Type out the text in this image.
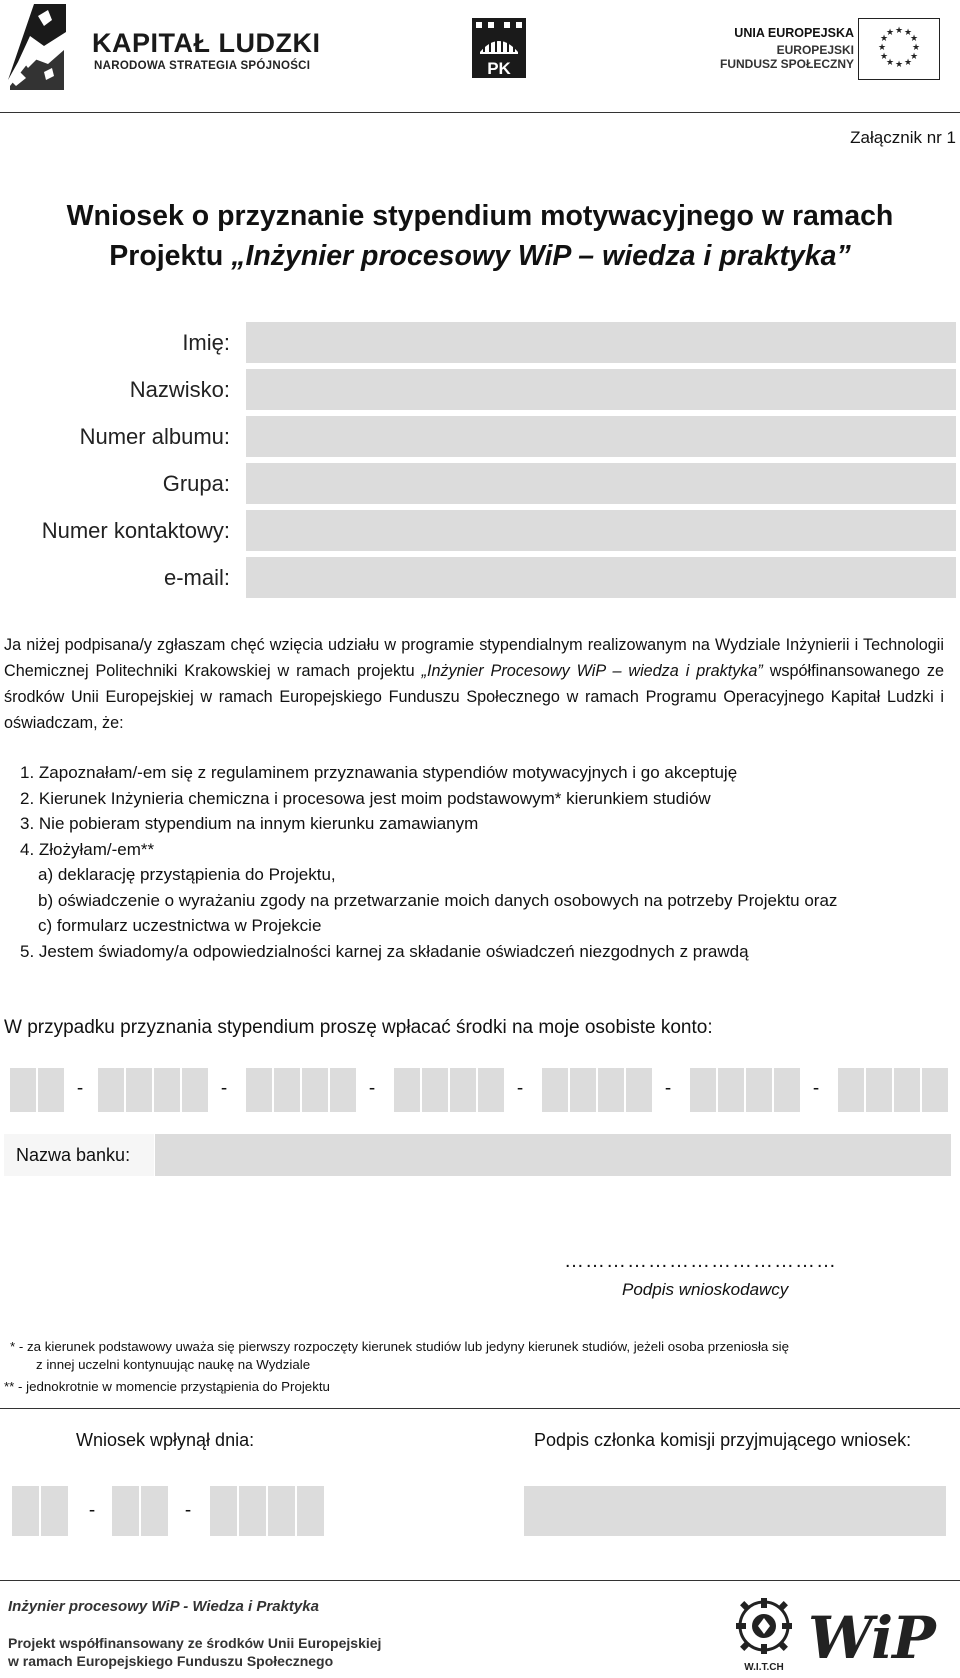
KAPITAŁ LUDZKI
NARODOWA STRATEGIA SPÓJNOŚCI	PK
UNIA EUROPEJSKA
EUROPEJSKI
FUNDUSZ SPOŁECZNY
★ ★
★
★
★
★
★
★
★
★
★
★
Załącznik nr 1
Wniosek o przyznanie stypendium motywacyjnego w ramach
Projektu „Inżynier procesowy WiP – wiedza i praktyka”
Imię:
Nazwisko:
Numer albumu:
Grupa:
Numer kontaktowy:
e-mail:
Ja niżej podpisana/y zgłaszam chęć wzięcia udziału w programie stypendialnym realizowanym na Wydziale Inżynierii i Technologii Chemicznej Politechniki Krakowskiej w ramach projektu „Inżynier Procesowy WiP – wiedza i praktyka” współfinansowanego ze środków Unii Europejskiej w ramach Europejskiego Funduszu Społecznego w ramach Programu Operacyjnego Kapitał Ludzki i oświadczam, że:
1. Zapoznałam/-em się z regulaminem przyznawania stypendiów motywacyjnych i go akceptuję
2. Kierunek Inżynieria chemiczna i procesowa jest moim podstawowym* kierunkiem studiów
3. Nie pobieram stypendium na innym kierunku zamawianym
4. Złożyłam/-em**
a) deklarację przystąpienia do Projektu,
b) oświadczenie o wyrażaniu zgody na przetwarzanie moich danych osobowych na potrzeby Projektu oraz
c) formularz uczestnictwa w Projekcie
5. Jestem świadomy/a odpowiedzialności karnej za składanie oświadczeń niezgodnych z prawdą
W przypadku przyznania stypendium proszę wpłacać środki na moje osobiste konto:
-	-	-	-	-	-
Nazwa banku:
…………………………………
Podpis wnioskodawcy
* - za kierunek podstawowy uważa się pierwszy rozpoczęty kierunek studiów lub jedyny kierunek studiów, jeżeli osoba przeniosła się
z innej uczelni kontynuując naukę na Wydziale
** - jednokrotnie w momencie przystąpienia do Projektu
Wniosek wpłynął dnia:	Podpis członka komisji przyjmującego wniosek:
-	-
Inżynier procesowy WiP - Wiedza i Praktyka
Projekt współfinansowany ze środków Unii Europejskiej
w ramach Europejskiego Funduszu Społecznego	W.I.T.CH WiP
